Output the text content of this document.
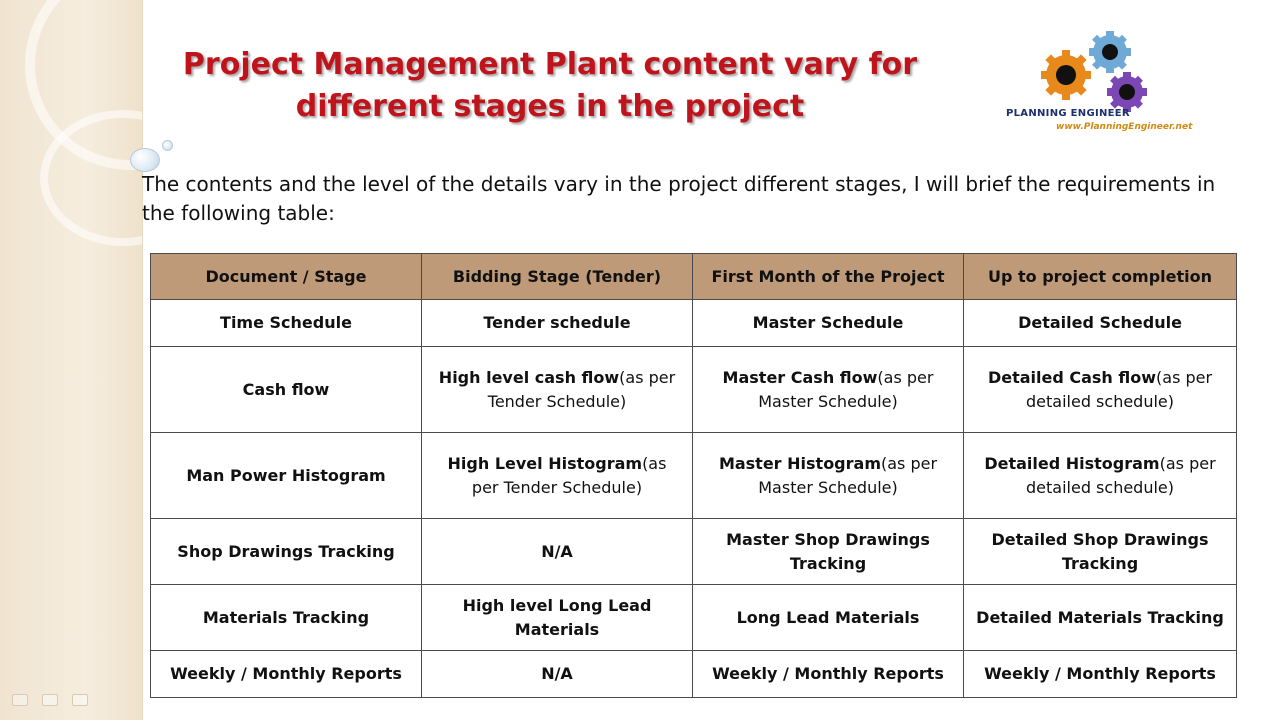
Project Management Plant content vary for
different stages in the project	PLANNING ENGINEER
www.PlanningEngineer.net

The contents and the level of the details vary in the project different stages, I will brief the requirements in the following table:

Document / Stage	Bidding Stage (Tender)	First Month of the Project	Up to project completion
Time Schedule	Tender schedule	Master Schedule	Detailed Schedule
Cash flow	High level cash flow(as per Tender Schedule)	Master Cash flow(as per Master Schedule)	Detailed Cash flow(as per detailed schedule)
Man Power Histogram	High Level Histogram(as per Tender Schedule)	Master Histogram(as per Master Schedule)	Detailed Histogram(as per detailed schedule)
Shop Drawings Tracking	N/A	Master Shop Drawings Tracking	Detailed Shop Drawings Tracking
Materials Tracking	High level Long Lead Materials	Long Lead Materials	Detailed Materials Tracking
Weekly / Monthly Reports	N/A	Weekly / Monthly Reports	Weekly / Monthly Reports
